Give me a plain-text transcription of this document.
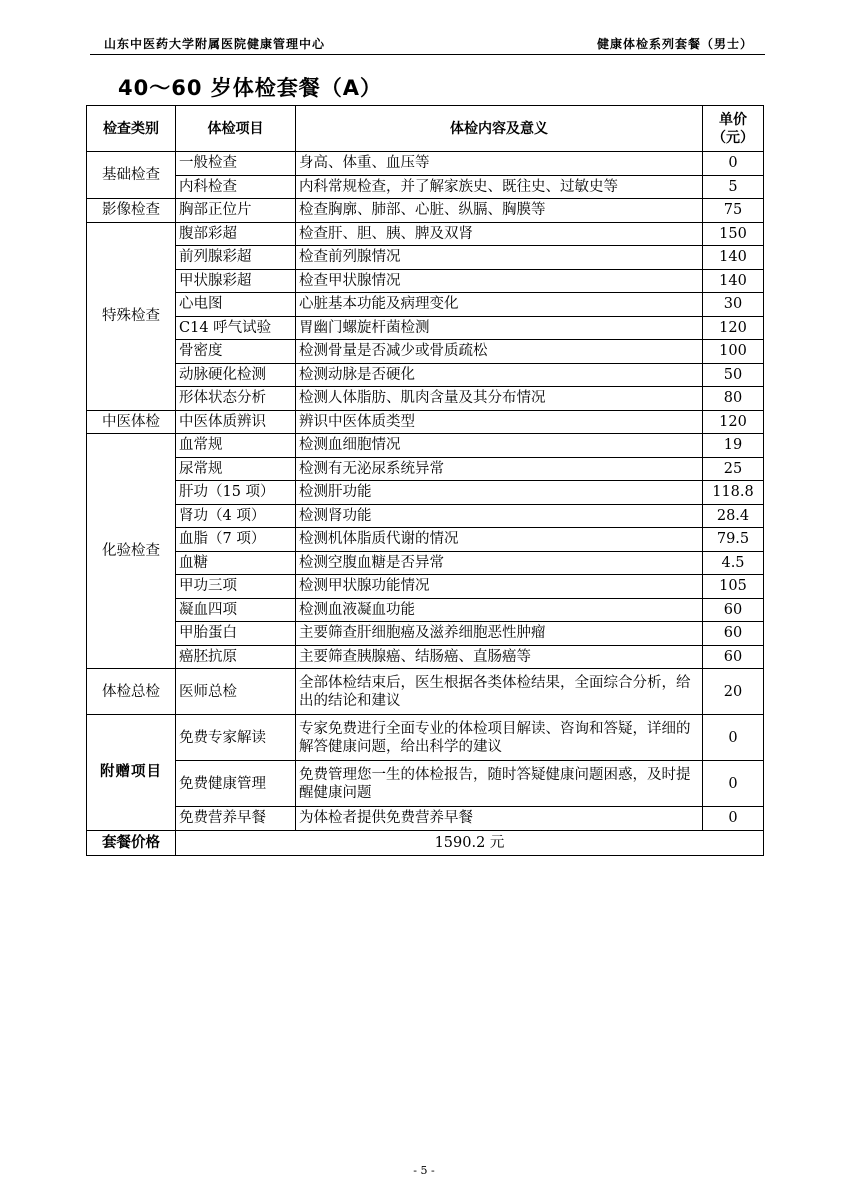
山东中医药大学附属医院健康管理中心	健康体检系列套餐（男士）
40～60 岁体检套餐（A）
检查类别	体检项目	体检内容及意义	单价
（元）

基础检查	一般检查	身高、体重、血压等	0
	内科检查	内科常规检查，并了解家族史、既往史、过敏史等	5
影像检查	胸部正位片	检查胸廓、肺部、心脏、纵膈、胸膜等	75
特殊检查	腹部彩超	检查肝、胆、胰、脾及双肾	150
	前列腺彩超	检查前列腺情况	140
	甲状腺彩超	检查甲状腺情况	140
	心电图	心脏基本功能及病理变化	30
	C14 呼气试验	胃幽门螺旋杆菌检测	120
	骨密度	检测骨量是否减少或骨质疏松	100
	动脉硬化检测	检测动脉是否硬化	50
	形体状态分析	检测人体脂肪、肌肉含量及其分布情况	80
中医体检	中医体质辨识	辨识中医体质类型	120
化验检查	血常规	检测血细胞情况	19
	尿常规	检测有无泌尿系统异常	25
	肝功（15 项）	检测肝功能	118.8
	肾功（4 项）	检测肾功能	28.4
	血脂（7 项）	检测机体脂质代谢的情况	79.5
	血糖	检测空腹血糖是否异常	4.5
	甲功三项	检测甲状腺功能情况	105
	凝血四项	检测血液凝血功能	60
	甲胎蛋白	主要筛查肝细胞癌及滋养细胞恶性肿瘤	60
	癌胚抗原	主要筛查胰腺癌、结肠癌、直肠癌等	60
体检总检	医师总检	全部体检结束后，医生根据各类体检结果，全面综合分析，给出的结论和建议	20
附赠项目	免费专家解读	专家免费进行全面专业的体检项目解读、咨询和答疑，详细的解答健康问题，给出科学的建议	0
	免费健康管理	免费管理您一生的体检报告，随时答疑健康问题困惑，及时提醒健康问题	0
	免费营养早餐	为体检者提供免费营养早餐	0
套餐价格	1590.2 元		
- 5 -
